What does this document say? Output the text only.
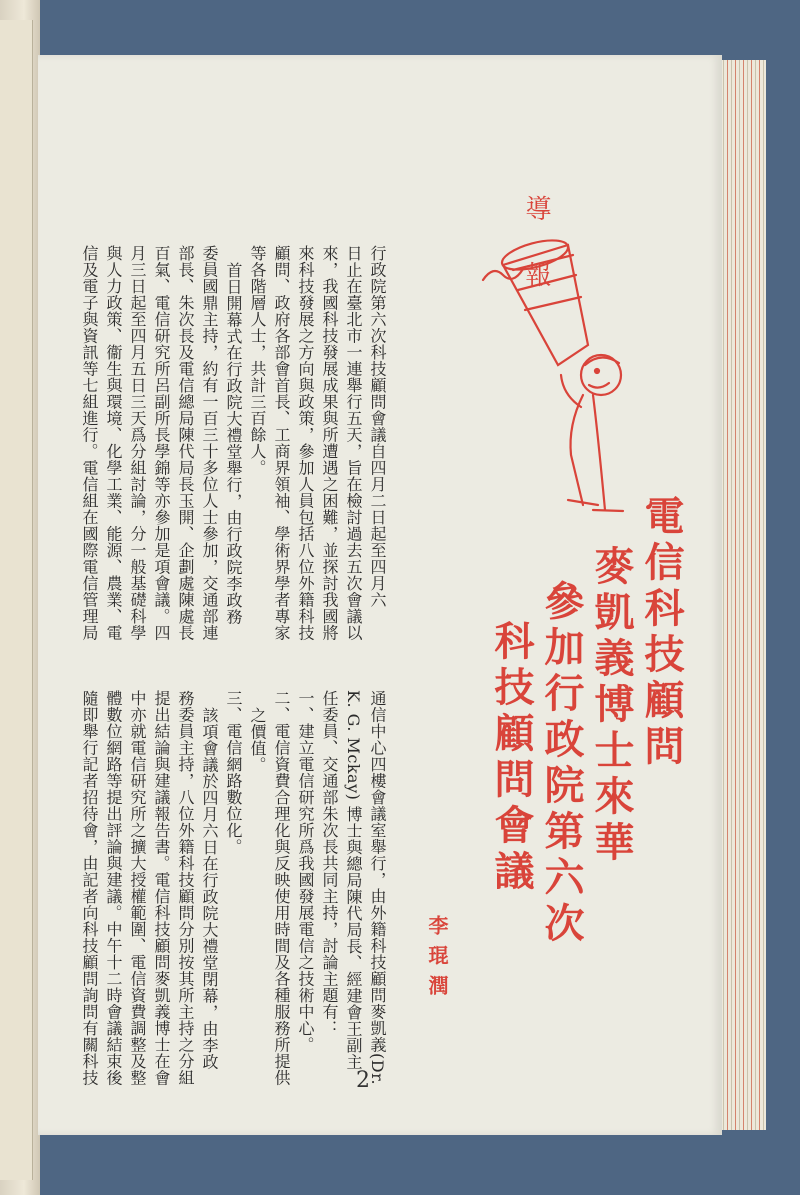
導報
電信科技顧問
麥凱義博士來華
參加行政院第六次
科技顧問會議
李琨潤
行政院第六次科技顧問會議自四月二日起至四月六
日止在臺北市一連舉行五天，旨在檢討過去五次會議以
來，我國科技發展成果與所遭遇之困難，並探討我國將
來科技發展之方向與政策，參加人員包括八位外籍科技
顧問、政府各部會首長、工商界領袖、學術界學者專家
等各階層人士，共計三百餘人。
首日開幕式在行政院大禮堂舉行，由行政院李政務
委員國鼎主持，約有一百三十多位人士參加，交通部連
部長、朱次長及電信總局陳代局長玉開、企劃處陳處長
百氣、電信研究所呂副所長學錦等亦參加是項會議。四
月三日起至四月五日三天爲分組討論，分一般基礎科學
與人力政策、衞生與環境、化學工業、能源、農業、電
信及電子與資訊等七組進行。電信組在國際電信管理局
通信中心四樓會議室舉行，由外籍科技顧問麥凱義(Dr.
K. G. Mckay) 博士與總局陳代局長、經建會王副主
任委員、交通部朱次長共同主持，討論主題有：
一、建立電信研究所爲我國發展電信之技術中心。
二、電信資費合理化與反映使用時間及各種服務所提供
之價值。
三、電信網路數位化。
該項會議於四月六日在行政院大禮堂閉幕，由李政
務委員主持，八位外籍科技顧問分別按其所主持之分組
提出結論與建議報告書。電信科技顧問麥凱義博士在會
中亦就電信研究所之擴大授權範圍、電信資費調整及整
體數位網路等提出評論與建議。中午十二時會議結束後
隨即舉行記者招待會，由記者向科技顧問詢問有關科技	2
